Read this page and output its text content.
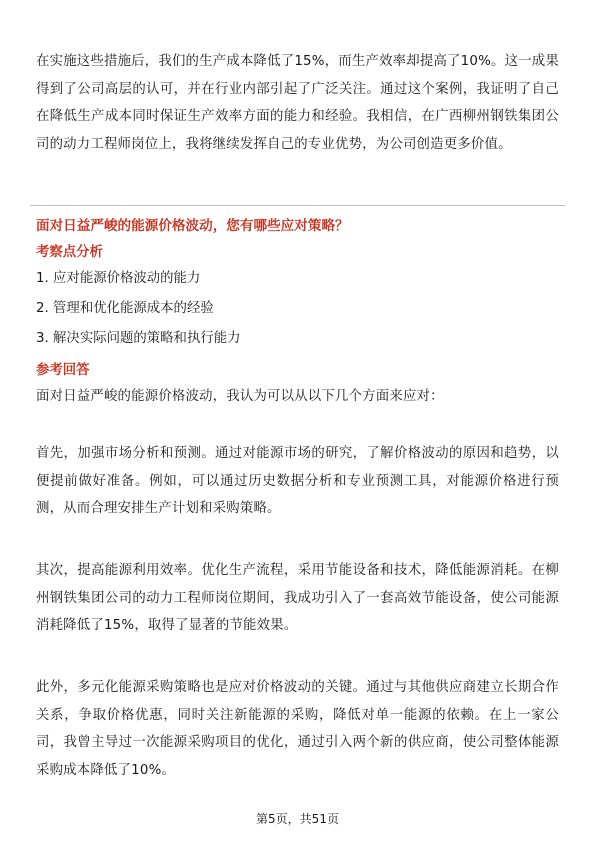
在实施这些措施后，我们的生产成本降低了15%，而生产效率却提高了10%。这一成果得到了公司高层的认可，并在行业内部引起了广泛关注。通过这个案例，我证明了自己在降低生产成本同时保证生产效率方面的能力和经验。我相信，在广西柳州钢铁集团公司的动力工程师岗位上，我将继续发挥自己的专业优势，为公司创造更多价值。

面对日益严峻的能源价格波动，您有哪些应对策略？

考察点分析

1. 应对能源价格波动的能力

2. 管理和优化能源成本的经验

3. 解决实际问题的策略和执行能力

参考回答

面对日益严峻的能源价格波动，我认为可以从以下几个方面来应对：

首先，加强市场分析和预测。通过对能源市场的研究，了解价格波动的原因和趋势，以便提前做好准备。例如，可以通过历史数据分析和专业预测工具，对能源价格进行预测，从而合理安排生产计划和采购策略。

其次，提高能源利用效率。优化生产流程，采用节能设备和技术，降低能源消耗。在柳州钢铁集团公司的动力工程师岗位期间，我成功引入了一套高效节能设备，使公司能源消耗降低了15%，取得了显著的节能效果。

此外，多元化能源采购策略也是应对价格波动的关键。通过与其他供应商建立长期合作关系，争取价格优惠，同时关注新能源的采购，降低对单一能源的依赖。在上一家公司，我曾主导过一次能源采购项目的优化，通过引入两个新的供应商，使公司整体能源采购成本降低了10%。

第5页，共51页
